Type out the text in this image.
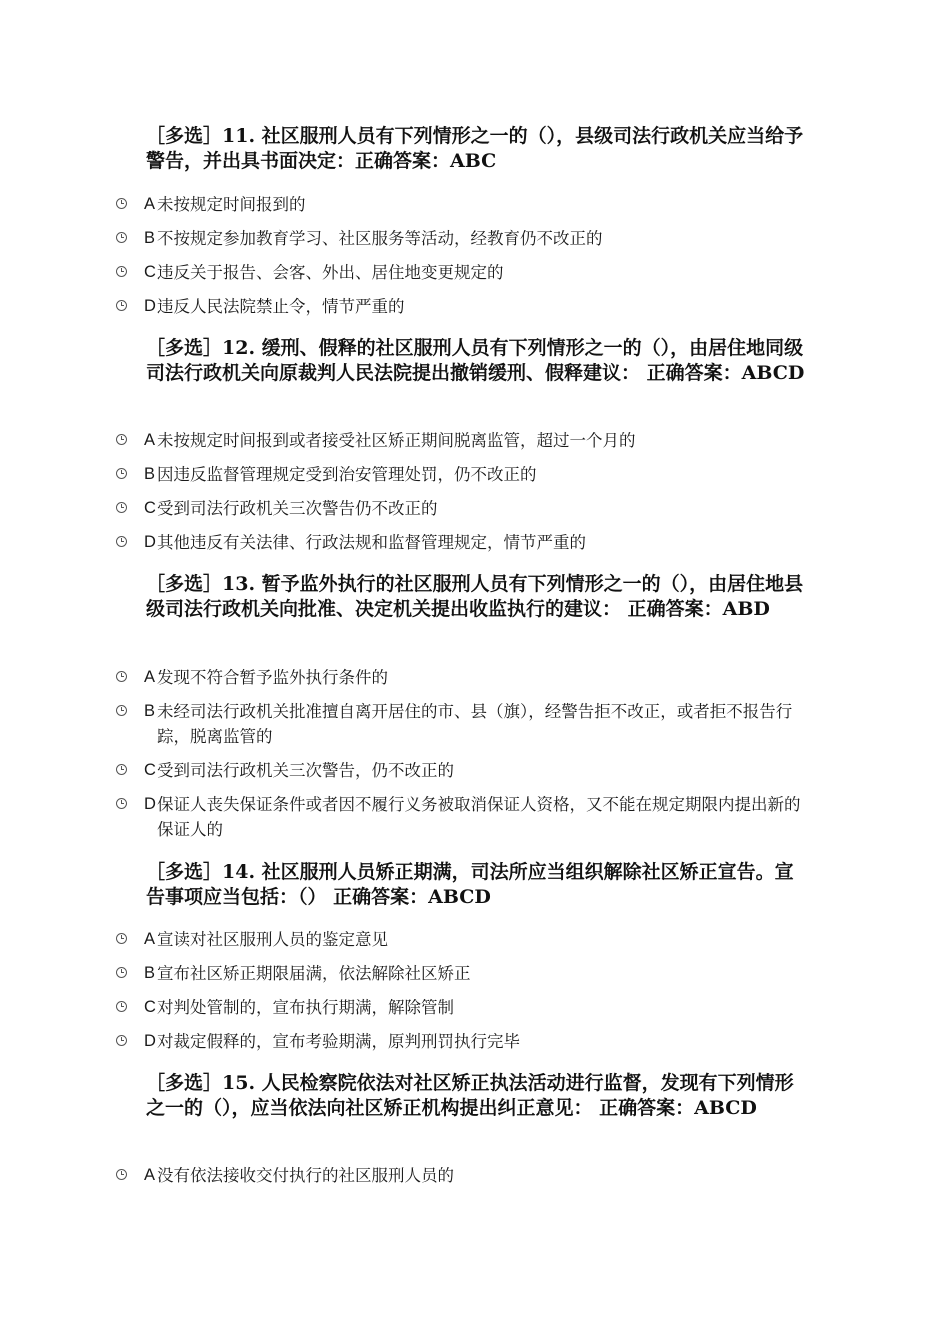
［多选］11. 社区服刑人员有下列情形之一的（），县级司法行政机关应当给予警告，并出具书面决定：正确答案：ABC

A 未按规定时间报到的
B 不按规定参加教育学习、社区服务等活动，经教育仍不改正的
C 违反关于报告、会客、外出、居住地变更规定的
D 违反人民法院禁止令，情节严重的

［多选］12. 缓刑、假释的社区服刑人员有下列情形之一的（），由居住地同级司法行政机关向原裁判人民法院提出撤销缓刑、假释建议： 正确答案：ABCD

A 未按规定时间报到或者接受社区矫正期间脱离监管，超过一个月的
B 因违反监督管理规定受到治安管理处罚，仍不改正的
C 受到司法行政机关三次警告仍不改正的
D 其他违反有关法律、行政法规和监督管理规定，情节严重的

［多选］13. 暂予监外执行的社区服刑人员有下列情形之一的（），由居住地县级司法行政机关向批准、决定机关提出收监执行的建议： 正确答案：ABD

A 发现不符合暂予监外执行条件的
B 未经司法行政机关批准擅自离开居住的市、县（旗），经警告拒不改正，或者拒不报告行踪，脱离监管的
C 受到司法行政机关三次警告，仍不改正的
D 保证人丧失保证条件或者因不履行义务被取消保证人资格，又不能在规定期限内提出新的保证人的

［多选］14. 社区服刑人员矫正期满，司法所应当组织解除社区矫正宣告。宣告事项应当包括：（） 正确答案：ABCD

A 宣读对社区服刑人员的鉴定意见
B 宣布社区矫正期限届满，依法解除社区矫正
C 对判处管制的，宣布执行期满，解除管制
D 对裁定假释的，宣布考验期满，原判刑罚执行完毕

［多选］15. 人民检察院依法对社区矫正执法活动进行监督，发现有下列情形之一的（），应当依法向社区矫正机构提出纠正意见： 正确答案：ABCD

A 没有依法接收交付执行的社区服刑人员的
